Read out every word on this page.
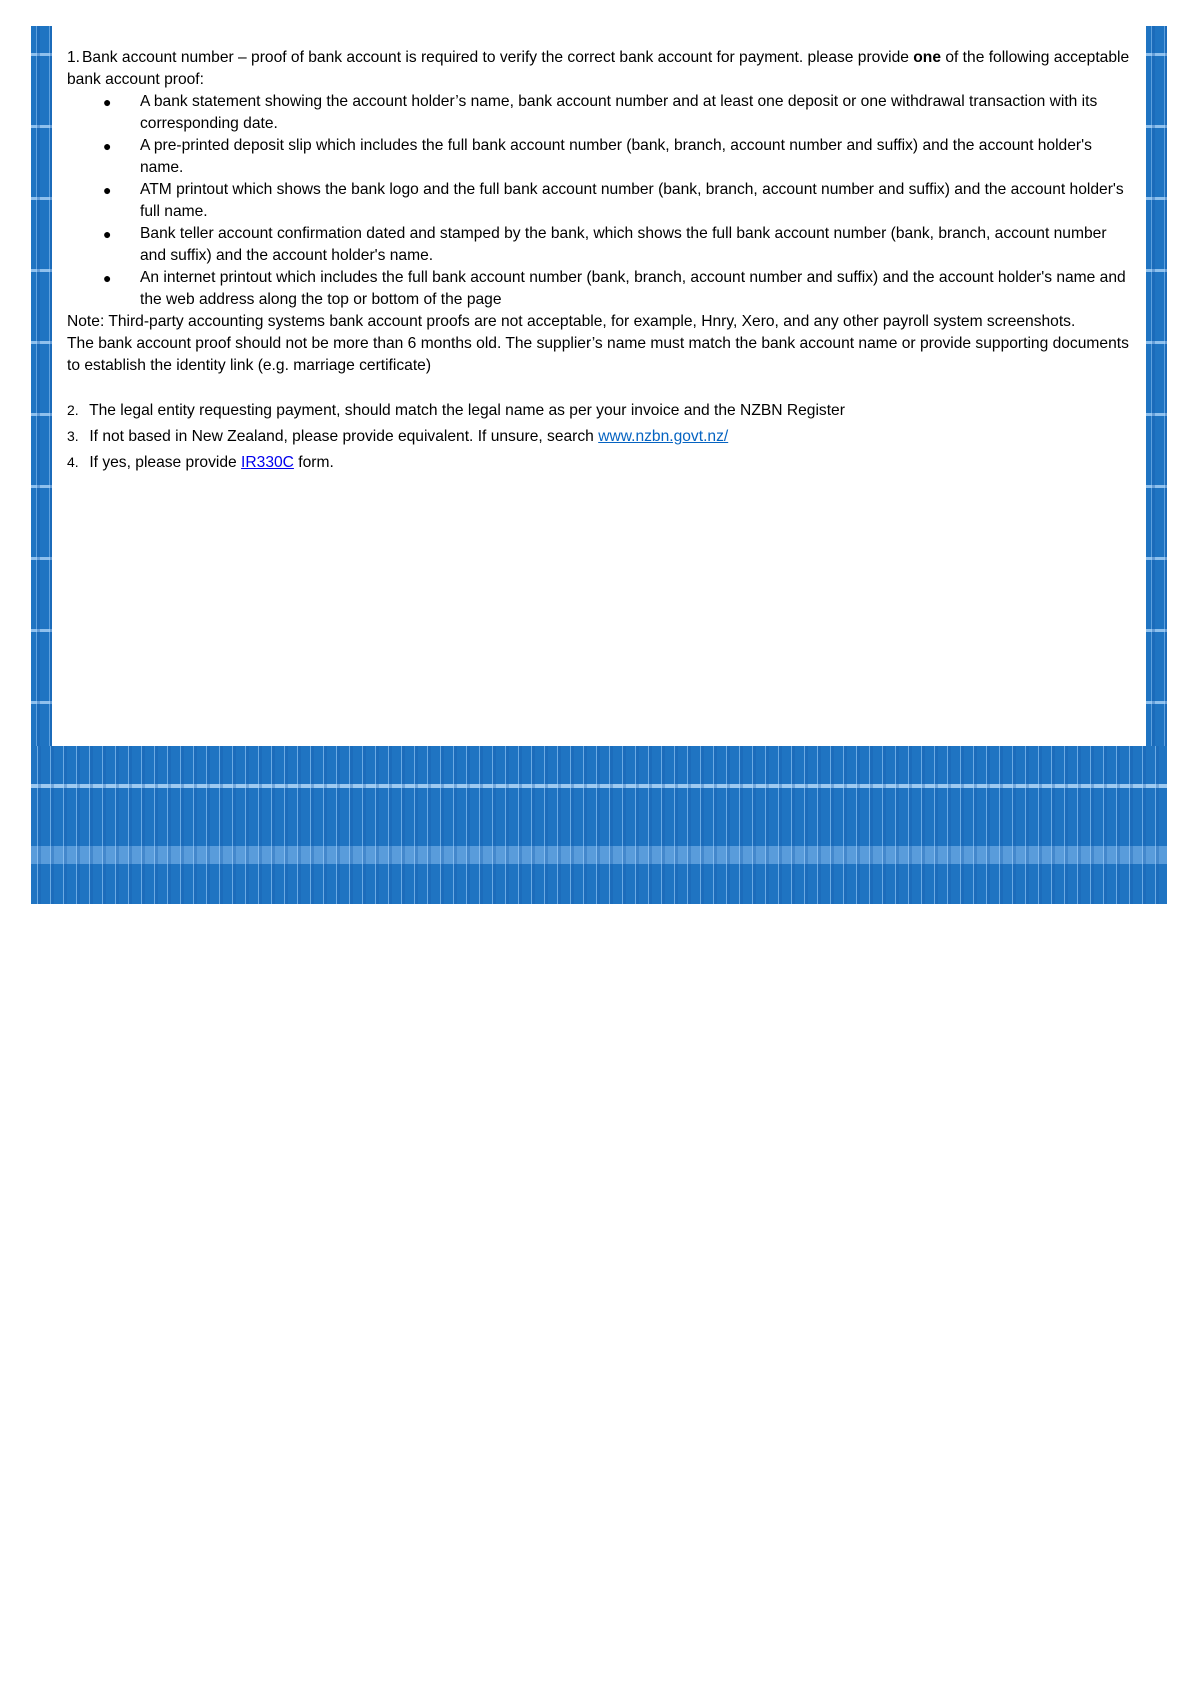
1. Bank account number – proof of bank account is required to verify the correct bank account for payment. please provide one of the following acceptable bank account proof:

● A bank statement showing the account holder’s name, bank account number and at least one deposit or one withdrawal transaction with its corresponding date.
● A pre-printed deposit slip which includes the full bank account number (bank, branch, account number and suffix) and the account holder's name.
● ATM printout which shows the bank logo and the full bank account number (bank, branch, account number and suffix) and the account holder's full name.
● Bank teller account confirmation dated and stamped by the bank, which shows the full bank account number (bank, branch, account number and suffix) and the account holder's name.
● An internet printout which includes the full bank account number (bank, branch, account number and suffix) and the account holder's name and the web address along the top or bottom of the page

Note: Third-party accounting systems bank account proofs are not acceptable, for example, Hnry, Xero, and any other payroll system screenshots.

The bank account proof should not be more than 6 months old. The supplier’s name must match the bank account name or provide supporting documents to establish the identity link (e.g. marriage certificate)

2. The legal entity requesting payment, should match the legal name as per your invoice and the NZBN Register

3. If not based in New Zealand, please provide equivalent. If unsure, search www.nzbn.govt.nz/

4. If yes, please provide IR330C form.
